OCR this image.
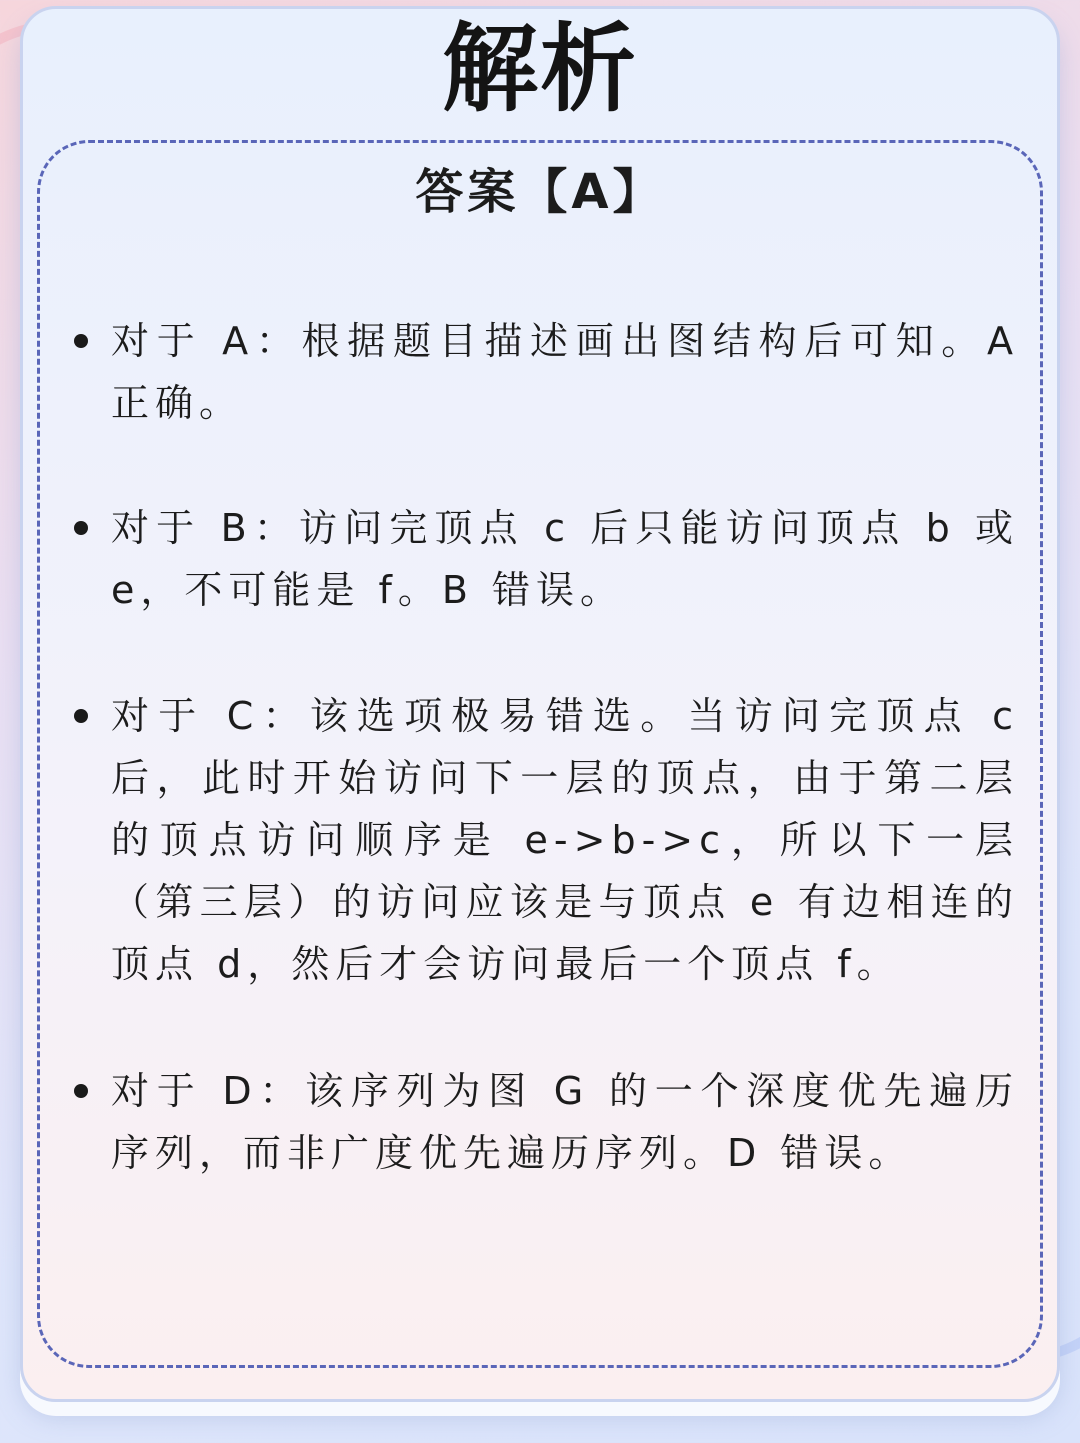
解析
答案【A】
对于 A：根据题目描述画出图结构后可知。A 正确。
对于 B：访问完顶点 c 后只能访问顶点 b 或 e，不可能是 f。B 错误。
对于 C：该选项极易错选。当访问完顶点 c 后，此时开始访问下一层的顶点，由于第二层的顶点访问顺序是 e->b->c，所以下一层（第三层）的访问应该是与顶点 e 有边相连的顶点 d，然后才会访问最后一个顶点 f。
对于 D：该序列为图 G 的一个深度优先遍历序列，而非广度优先遍历序列。D 错误。
